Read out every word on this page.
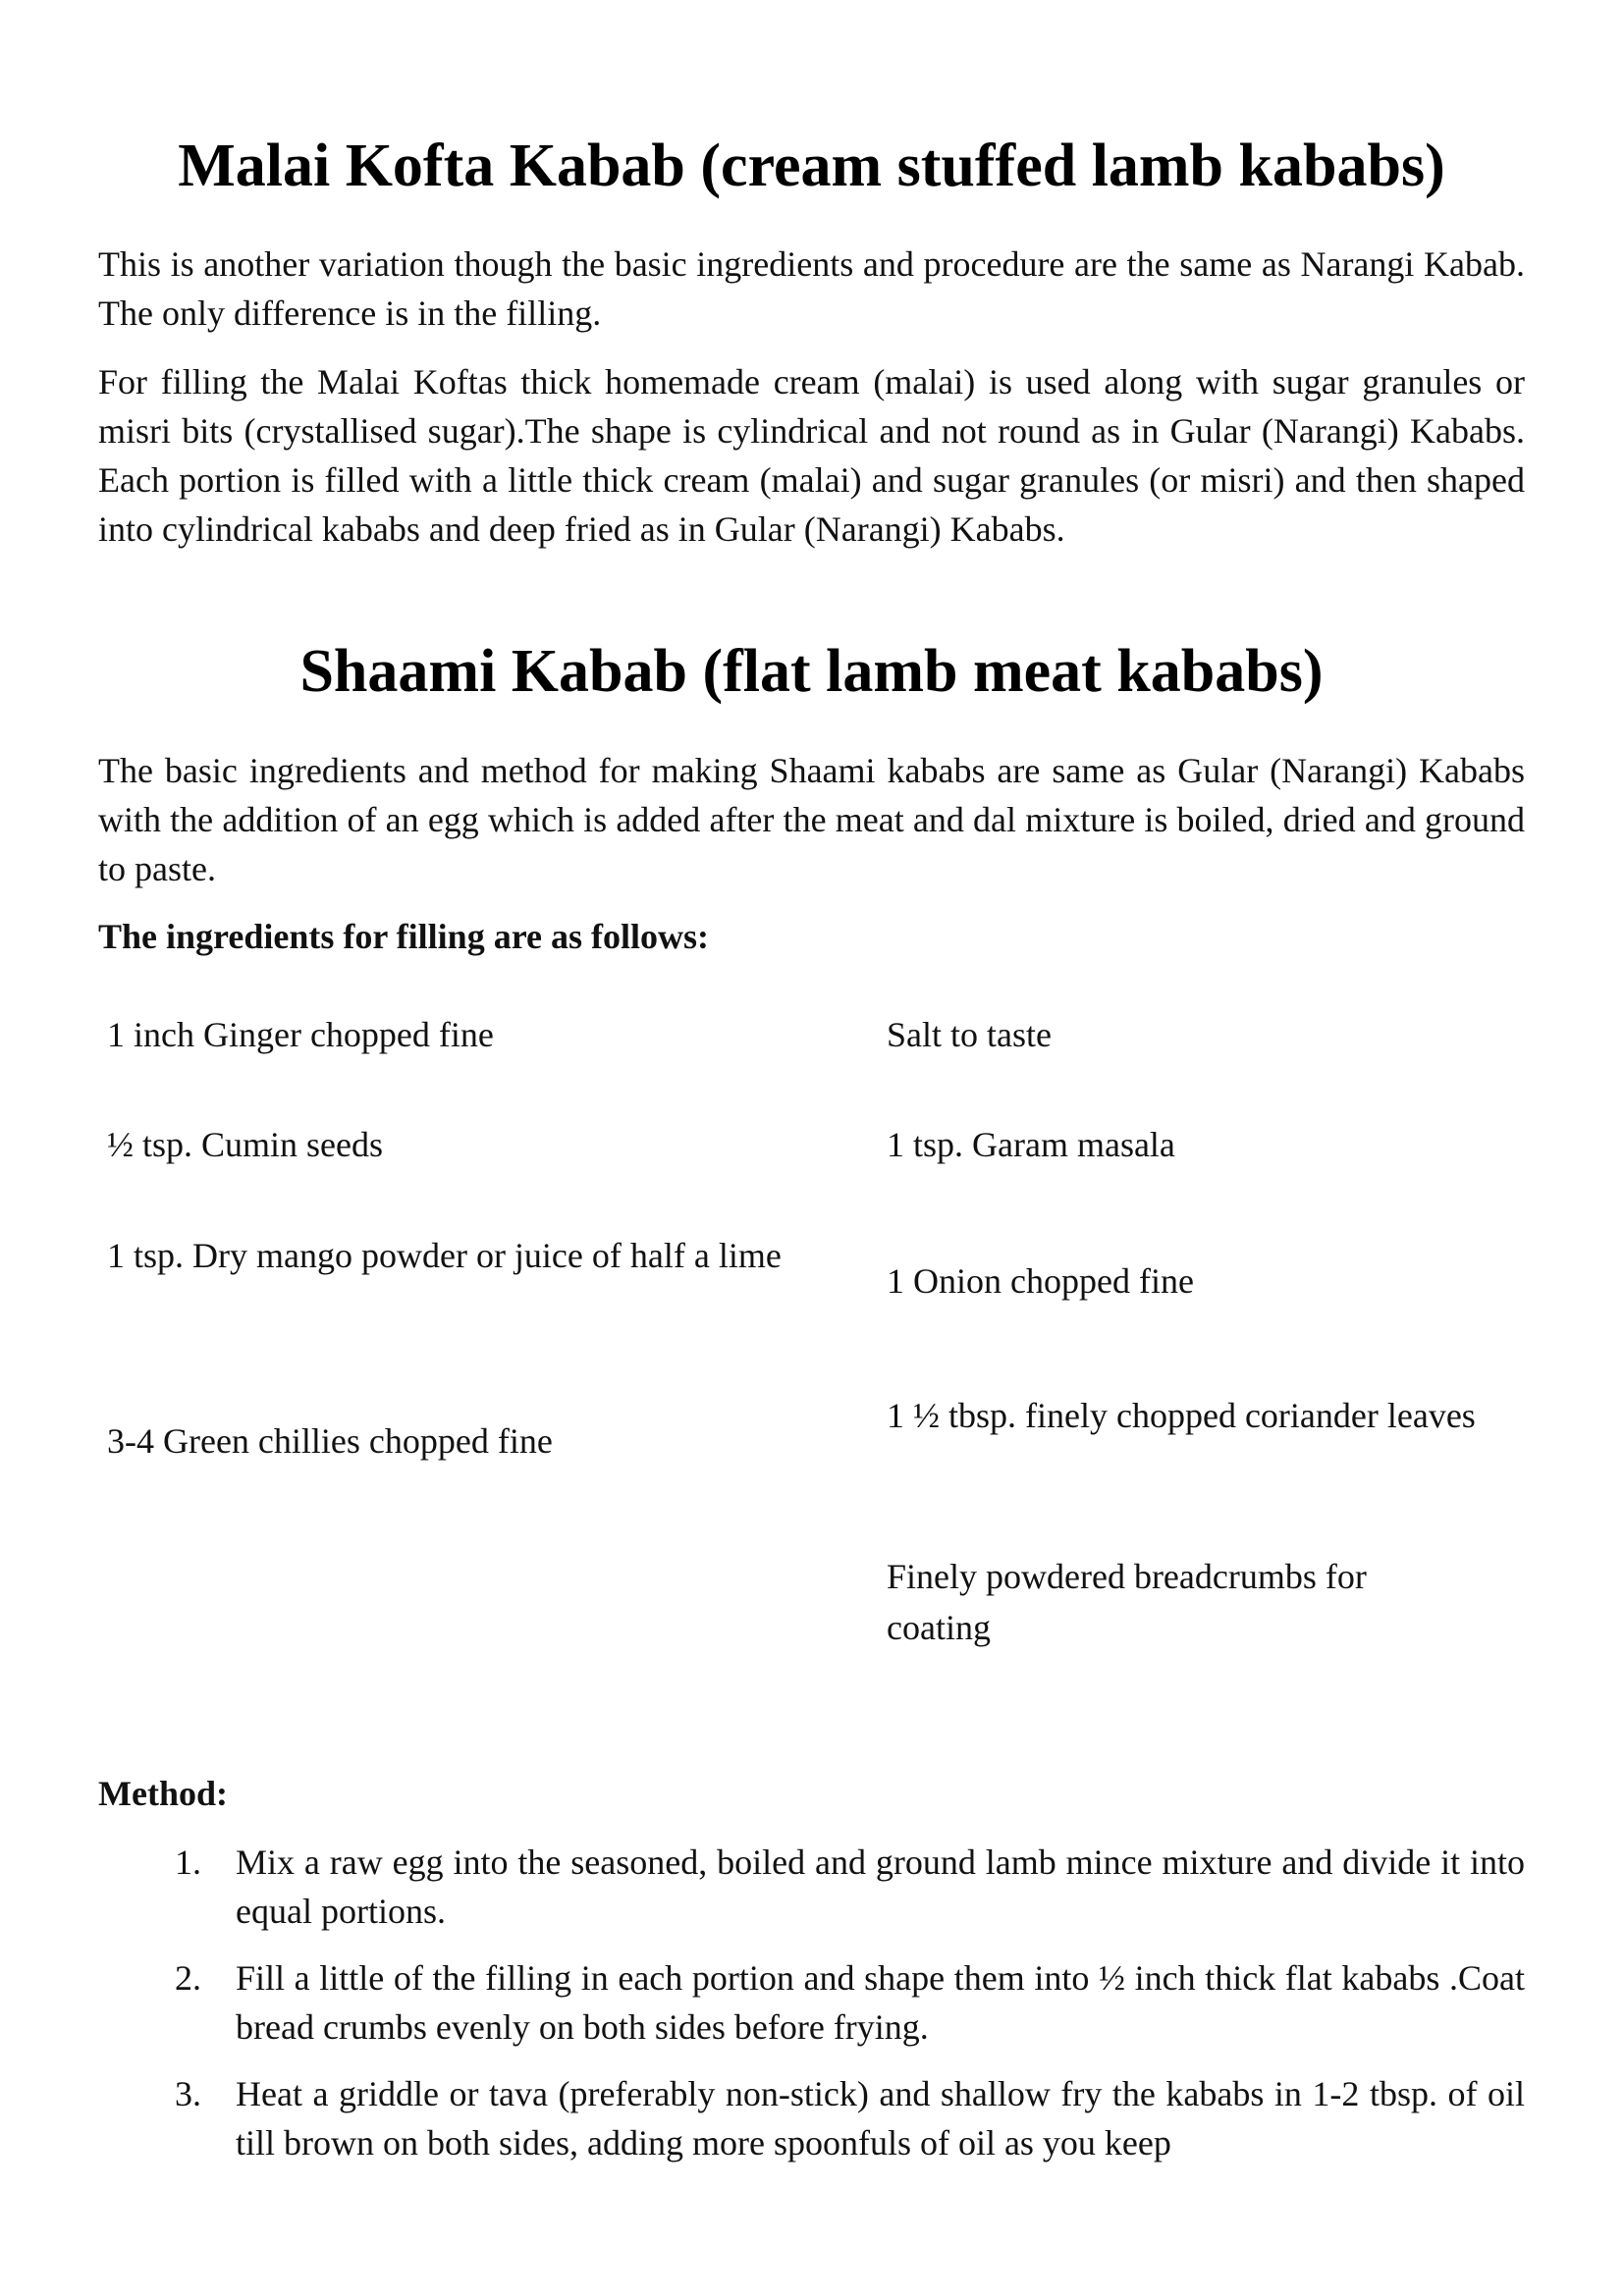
Malai Kofta Kabab (cream stuffed lamb kababs)

This is another variation though the basic ingredients and procedure are the same as Narangi Kabab. The only difference is in the filling.

For filling the Malai Koftas thick homemade cream (malai) is used along with sugar granules or misri bits (crystallised sugar).The shape is cylindrical and not round as in Gular (Narangi) Kababs. Each portion is filled with a little thick cream (malai) and sugar granules (or misri) and then shaped into cylindrical kababs and deep fried as in Gular (Narangi) Kababs.

Shaami Kabab (flat lamb meat kababs)

The basic ingredients and method for making Shaami kababs are same as Gular (Narangi) Kababs with the addition of an egg which is added after the meat and dal mixture is boiled, dried and ground to paste.

The ingredients for filling are as follows:

1 inch Ginger chopped fine	Salt to taste

½ tsp. Cumin seeds	1 tsp. Garam masala

1 tsp. Dry mango powder or juice of half a lime

1 Onion chopped fine

3-4 Green chillies chopped fine

1 ½ tbsp. finely chopped coriander leaves

Finely powdered breadcrumbs for coating

Method:

1. Mix a raw egg into the seasoned, boiled and ground lamb mince mixture and divide it into equal portions.
2. Fill a little of the filling in each portion and shape them into ½ inch thick flat kababs .Coat bread crumbs evenly on both sides before frying.
3. Heat a griddle or tava (preferably non-stick) and shallow fry the kababs in 1-2 tbsp. of oil till brown on both sides, adding more spoonfuls of oil as you keep
